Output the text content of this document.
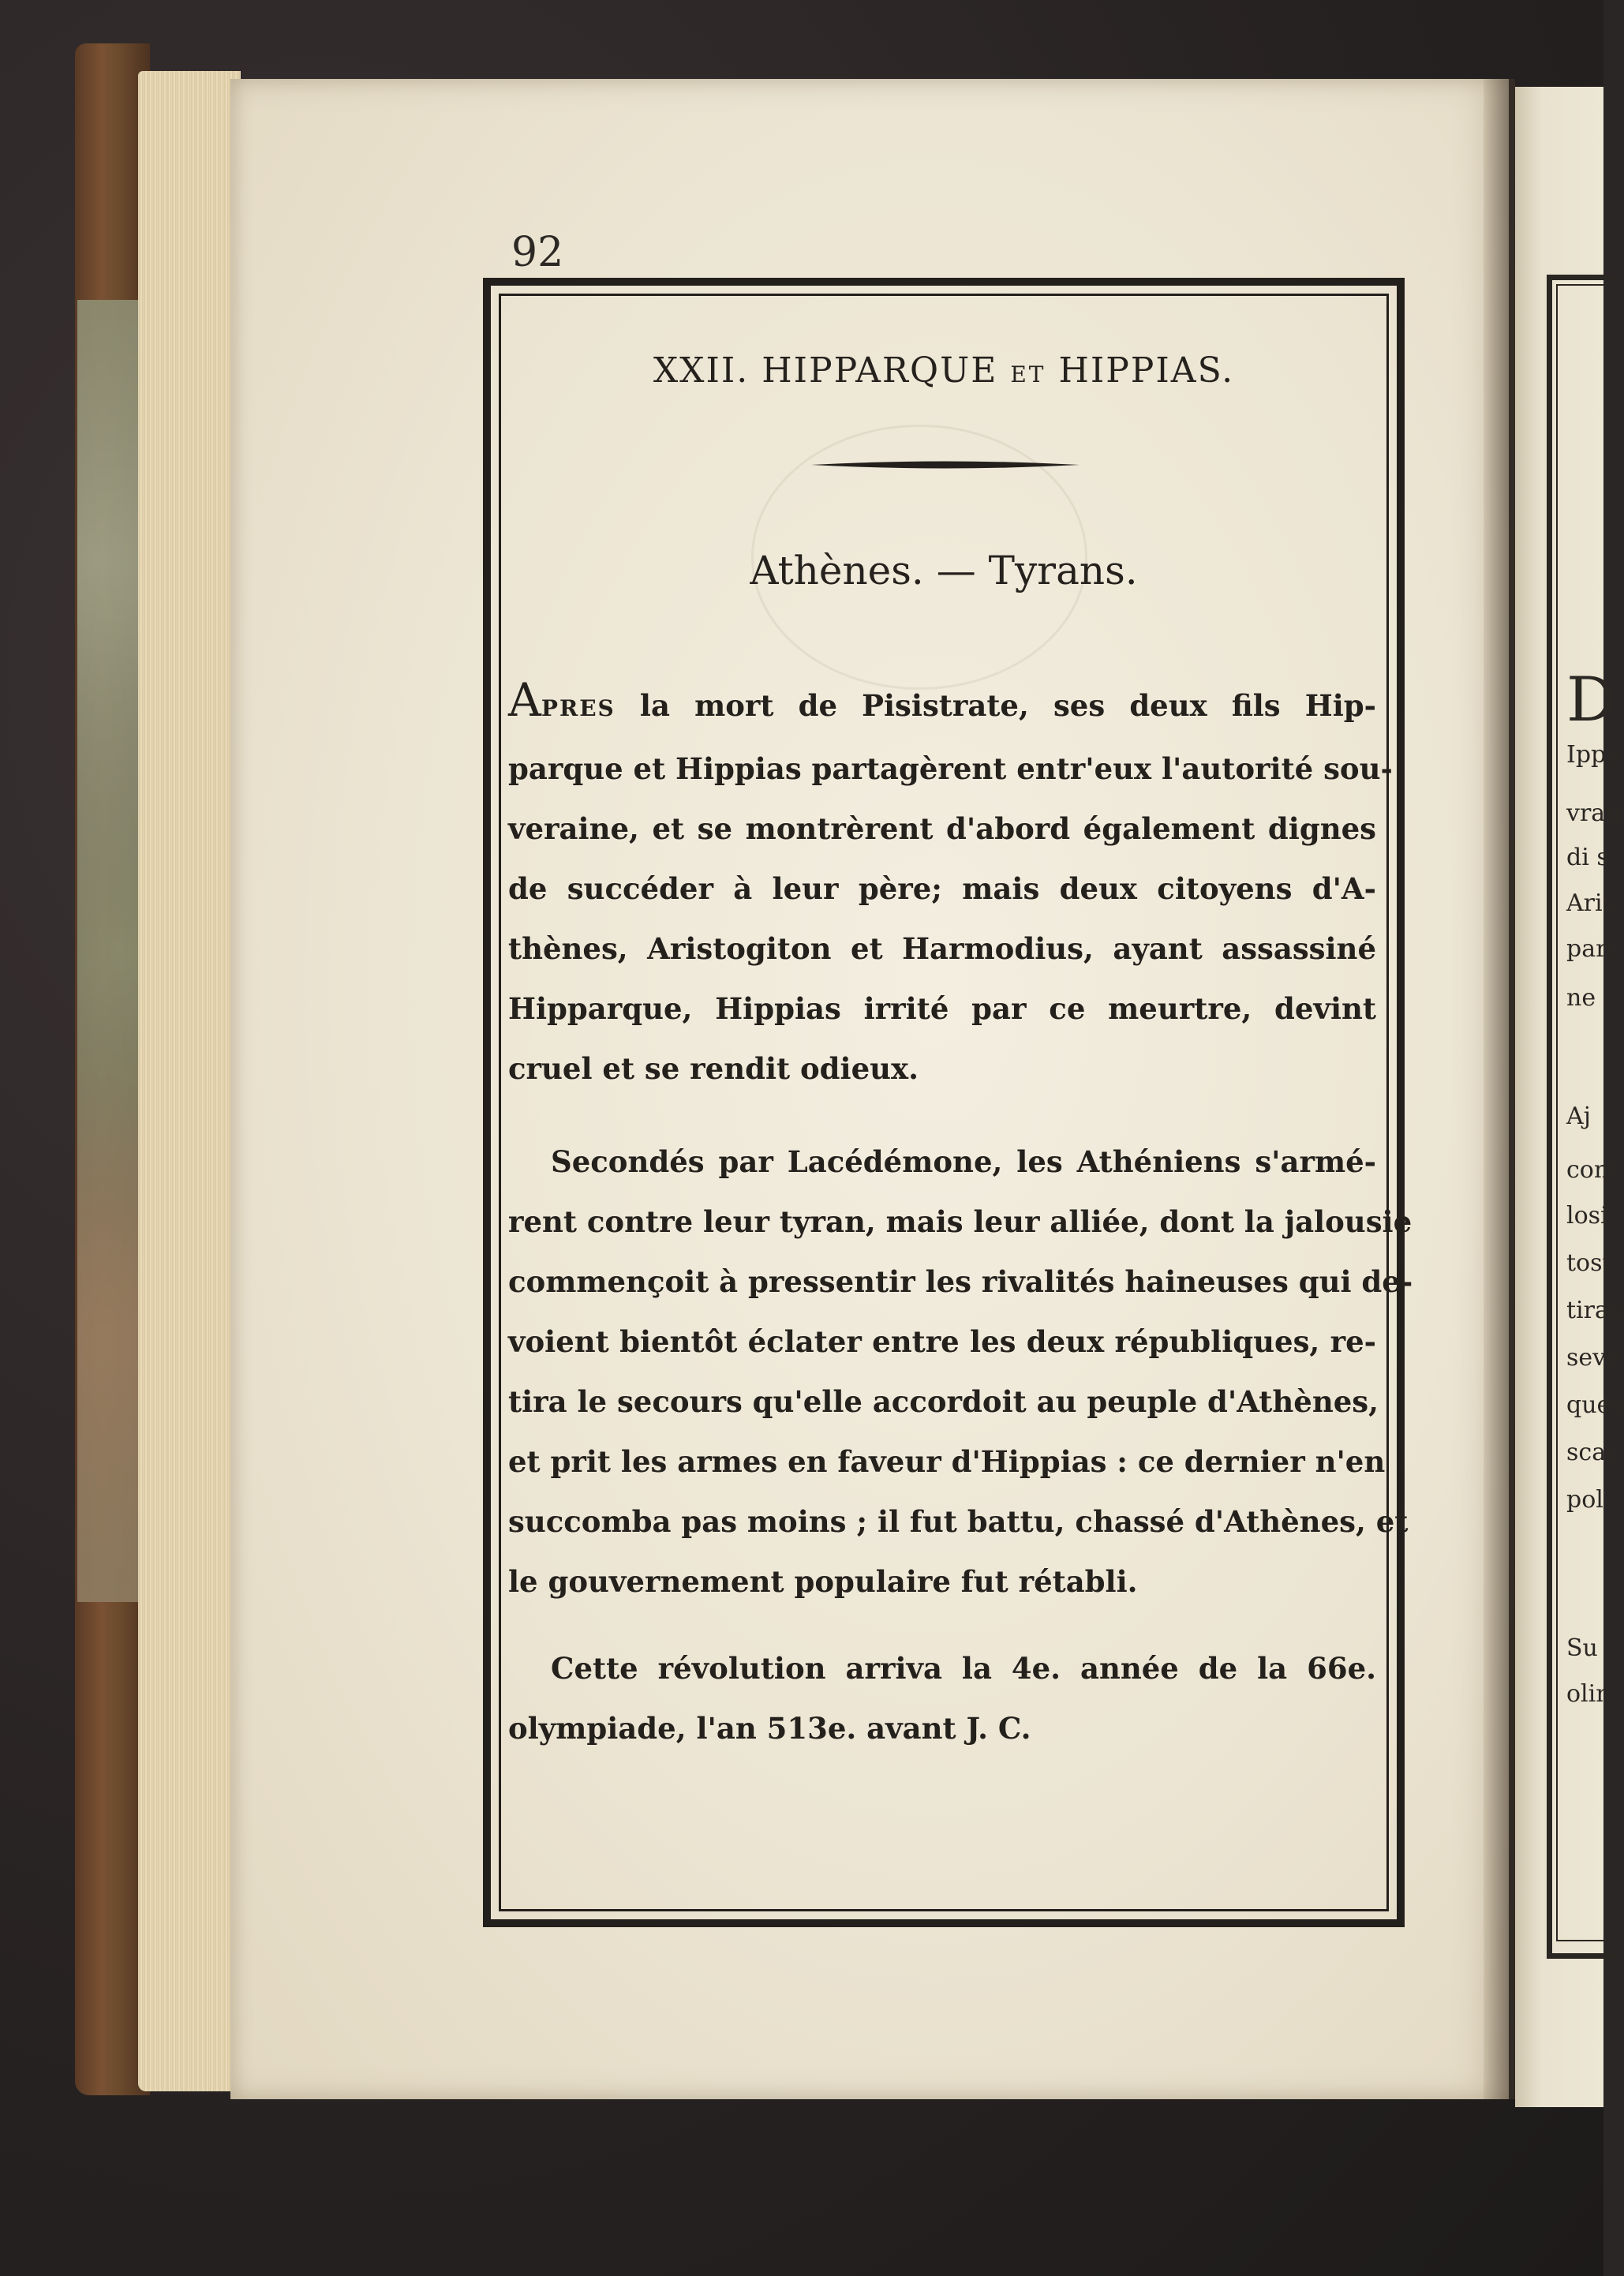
D
Ippa
vran
di s
Aris
parc
ne ,
Aj
cont
losi
tost
tiran
sevo
ques
scac
pol
Su
olin
92
XXII. HIPPARQUE ET HIPPIAS.
Athènes. — Tyrans.
APRES la mort de Pisistrate, ses deux fils Hip-
parque et Hippias partagèrent entr'eux l'autorité sou-
veraine, et se montrèrent d'abord également dignes
de succéder à leur père; mais deux citoyens d'A-
thènes, Aristogiton et Harmodius, ayant assassiné
Hipparque, Hippias irrité par ce meurtre, devint
cruel et se rendit odieux.
Secondés par Lacédémone, les Athéniens s'armé-
rent contre leur tyran, mais leur alliée, dont la jalousie
commençoit à pressentir les rivalités haineuses qui de-
voient bientôt éclater entre les deux républiques, re-
tira le secours qu'elle accordoit au peuple d'Athènes,
et prit les armes en faveur d'Hippias : ce dernier n'en
succomba pas moins ; il fut battu, chassé d'Athènes, et
le gouvernement populaire fut rétabli.
Cette révolution arriva la 4e. année de la 66e.
olympiade, l'an 513e. avant J. C.
